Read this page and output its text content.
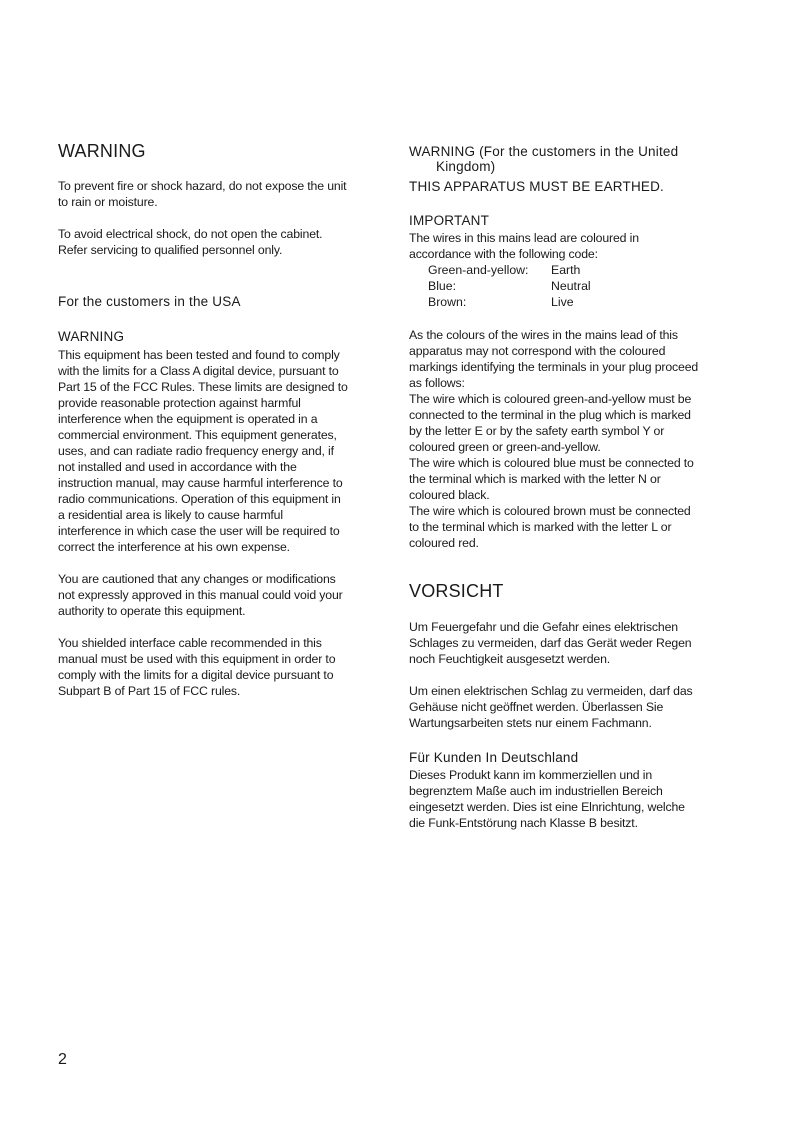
WARNING

To prevent fire or shock hazard, do not expose the unit
to rain or moisture.

To avoid electrical shock, do not open the cabinet.
Refer servicing to qualified personnel only.

For the customers in the USA
WARNING

This equipment has been tested and found to comply
with the limits for a Class A digital device, pursuant to
Part 15 of the FCC Rules. These limits are designed to
provide reasonable protection against harmful
interference when the equipment is operated in a
commercial environment. This equipment generates,
uses, and can radiate radio frequency energy and, if
not installed and used in accordance with the
instruction manual, may cause harmful interference to
radio communications. Operation of this equipment in
a residential area is likely to cause harmful
interference in which case the user will be required to
correct the interference at his own expense.

You are cautioned that any changes or modifications
not expressly approved in this manual could void your
authority to operate this equipment.

You shielded interface cable recommended in this
manual must be used with this equipment in order to
comply with the limits for a digital device pursuant to
Subpart B of Part 15 of FCC rules.

WARNING (For the customers in the United
Kingdom)
THIS APPARATUS MUST BE EARTHED.
IMPORTANT

The wires in this mains lead are coloured in
accordance with the following code:

Green-and-yellow:	Earth
Blue:	Neutral
Brown:	Live

As the colours of the wires in the mains lead of this
apparatus may not correspond with the coloured
markings identifying the terminals in your plug proceed
as follows:
The wire which is coloured green-and-yellow must be
connected to the terminal in the plug which is marked
by the letter E or by the safety earth symbol Y or
coloured green or green-and-yellow.
The wire which is coloured blue must be connected to
the terminal which is marked with the letter N or
coloured black.
The wire which is coloured brown must be connected
to the terminal which is marked with the letter L or
coloured red.

VORSICHT

Um Feuergefahr und die Gefahr eines elektrischen
Schlages zu vermeiden, darf das Gerät weder Regen
noch Feuchtigkeit ausgesetzt werden.

Um einen elektrischen Schlag zu vermeiden, darf das
Gehäuse nicht geöffnet werden. Überlassen Sie
Wartungsarbeiten stets nur einem Fachmann.

Für Kunden In Deutschland

Dieses Produkt kann im kommerziellen und in
begrenztem Maße auch im industriellen Bereich
eingesetzt werden. Dies ist eine Elnrichtung, welche
die Funk-Entstörung nach Klasse B besitzt.

2
